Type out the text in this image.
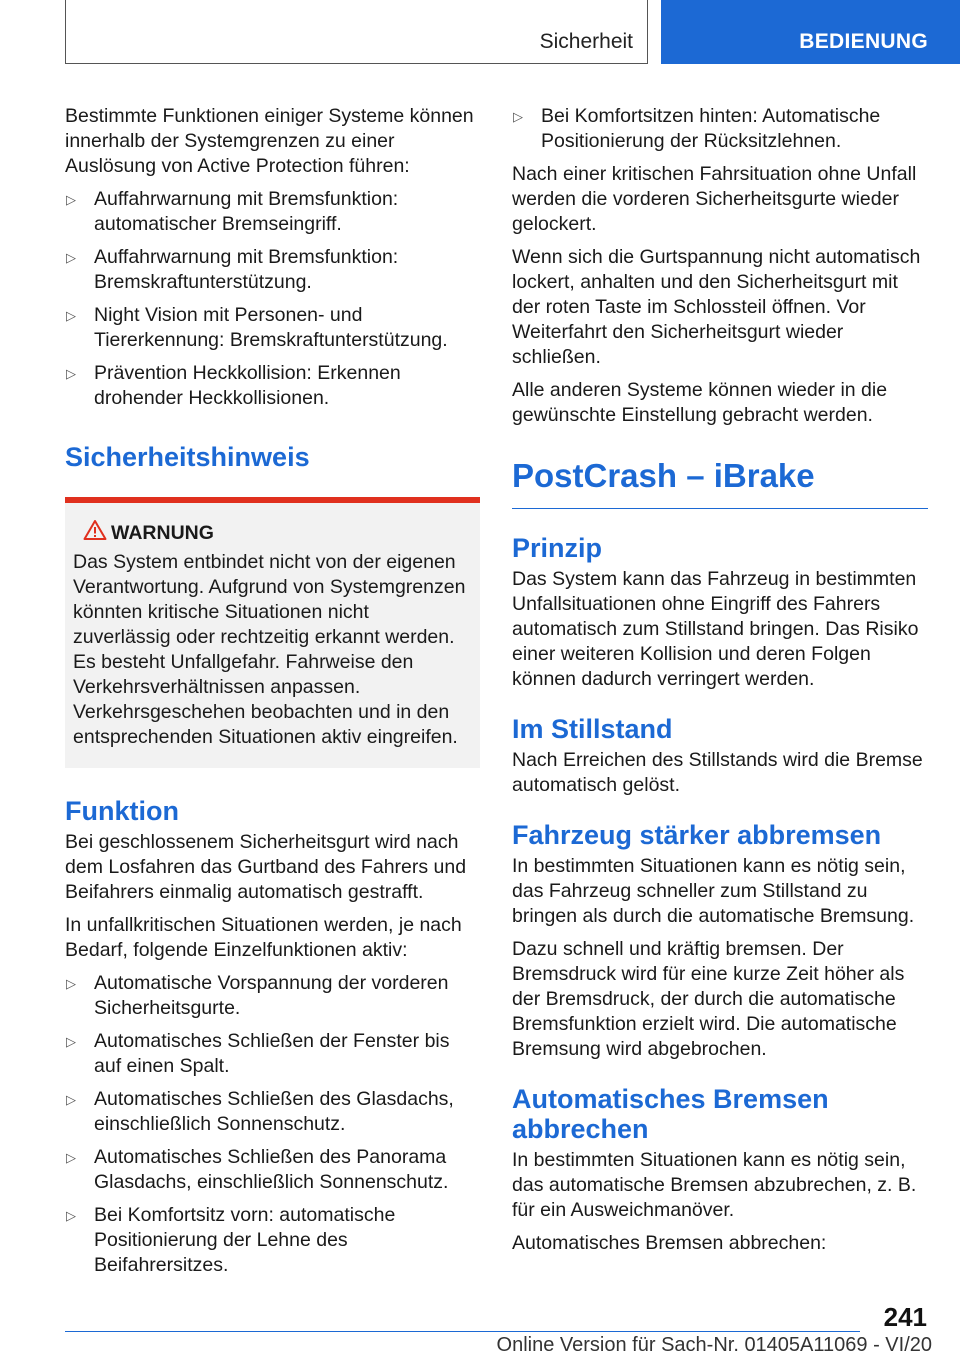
Sicherheit	BEDIENUNG

Bestimmte Funktionen einiger Systeme können innerhalb der Systemgrenzen zu einer Auslösung von Active Protection führen:

▷ Auffahrwarnung mit Bremsfunktion: automatischer Bremseingriff.
▷ Auffahrwarnung mit Bremsfunktion: Bremskraftunterstützung.
▷ Night Vision mit Personen- und Tiererkennung: Bremskraftunterstützung.
▷ Prävention Heckkollision: Erkennen drohender Heckkollisionen.
Sicherheitshinweis
WARNUNG
Das System entbindet nicht von der eigenen Verantwortung. Aufgrund von Systemgrenzen könnten kritische Situationen nicht zuverlässig oder rechtzeitig erkannt werden. Es besteht Unfallgefahr. Fahrweise den Verkehrsverhältnissen anpassen. Verkehrsgeschehen beobachten und in den entsprechenden Situationen aktiv eingreifen.
Funktion

Bei geschlossenem Sicherheitsgurt wird nach dem Losfahren das Gurtband des Fahrers und Beifahrers einmalig automatisch gestrafft.

In unfallkritischen Situationen werden, je nach Bedarf, folgende Einzelfunktionen aktiv:

▷ Automatische Vorspannung der vorderen Sicherheitsgurte.
▷ Automatisches Schließen der Fenster bis auf einen Spalt.
▷ Automatisches Schließen des Glasdachs, einschließlich Sonnenschutz.
▷ Automatisches Schließen des Panorama Glasdachs, einschließlich Sonnenschutz.
▷ Bei Komfortsitz vorn: automatische Positionierung der Lehne des Beifahrersitzes.
▷ Bei Komfortsitzen hinten: Automatische Positionierung der Rücksitzlehnen.

Nach einer kritischen Fahrsituation ohne Unfall werden die vorderen Sicherheitsgurte wieder gelockert.

Wenn sich die Gurtspannung nicht automatisch lockert, anhalten und den Sicherheitsgurt mit der roten Taste im Schlossteil öffnen. Vor Weiterfahrt den Sicherheitsgurt wieder schließen.

Alle anderen Systeme können wieder in die gewünschte Einstellung gebracht werden.

PostCrash – iBrake
Prinzip

Das System kann das Fahrzeug in bestimmten Unfallsituationen ohne Eingriff des Fahrers automatisch zum Stillstand bringen. Das Risiko einer weiteren Kollision und deren Folgen können dadurch verringert werden.

Im Stillstand

Nach Erreichen des Stillstands wird die Bremse automatisch gelöst.

Fahrzeug stärker abbremsen

In bestimmten Situationen kann es nötig sein, das Fahrzeug schneller zum Stillstand zu bringen als durch die automatische Bremsung.

Dazu schnell und kräftig bremsen. Der Bremsdruck wird für eine kurze Zeit höher als der Bremsdruck, der durch die automatische Bremsfunktion erzielt wird. Die automatische Bremsung wird abgebrochen.

Automatisches Bremsen abbrechen

In bestimmten Situationen kann es nötig sein, das automatische Bremsen abzubrechen, z. B. für ein Ausweichmanöver.

Automatisches Bremsen abbrechen:

241
Online Version für Sach-Nr. 01405A11069 - VI/20
